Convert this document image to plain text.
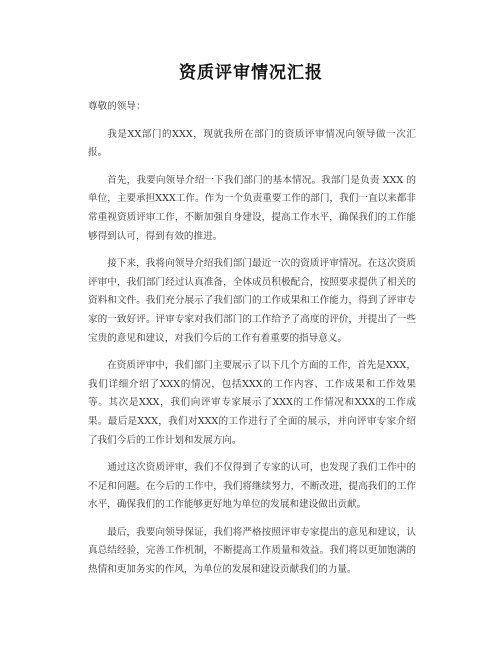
资质评审情况汇报

尊敬的领导：

我是XX部门的XXX，现就我所在部门的资质评审情况向领导做一次汇报。

首先，我要向领导介绍一下我们部门的基本情况。我部门是负责 XXX 的单位，主要承担XXX工作。作为一个负责重要工作的部门，我们一直以来都非常重视资质评审工作，不断加强自身建设，提高工作水平，确保我们的工作能够得到认可，得到有效的推进。

接下来，我将向领导介绍我们部门最近一次的资质评审情况。在这次资质评审中，我们部门经过认真准备，全体成员积极配合，按照要求提供了相关的资料和文件。我们充分展示了我们部门的工作成果和工作能力，得到了评审专家的一致好评。评审专家对我们部门的工作给予了高度的评价，并提出了一些宝贵的意见和建议，对我们今后的工作有着重要的指导意义。

在资质评审中，我们部门主要展示了以下几个方面的工作，首先是XXX，我们详细介绍了XXX的情况，包括XXX的工作内容、工作成果和工作效果等。其次是XXX，我们向评审专家展示了XXX的工作情况和XXX的工作成果。最后是XXX，我们对XXX的工作进行了全面的展示，并向评审专家介绍了我们今后的工作计划和发展方向。

通过这次资质评审，我们不仅得到了专家的认可，也发现了我们工作中的不足和问题。在今后的工作中，我们将继续努力，不断改进，提高我们的工作水平，确保我们的工作能够更好地为单位的发展和建设做出贡献。

最后，我要向领导保证，我们将严格按照评审专家提出的意见和建议，认真总结经验，完善工作机制，不断提高工作质量和效益。我们将以更加饱满的热情和更加务实的作风，为单位的发展和建设贡献我们的力量。
